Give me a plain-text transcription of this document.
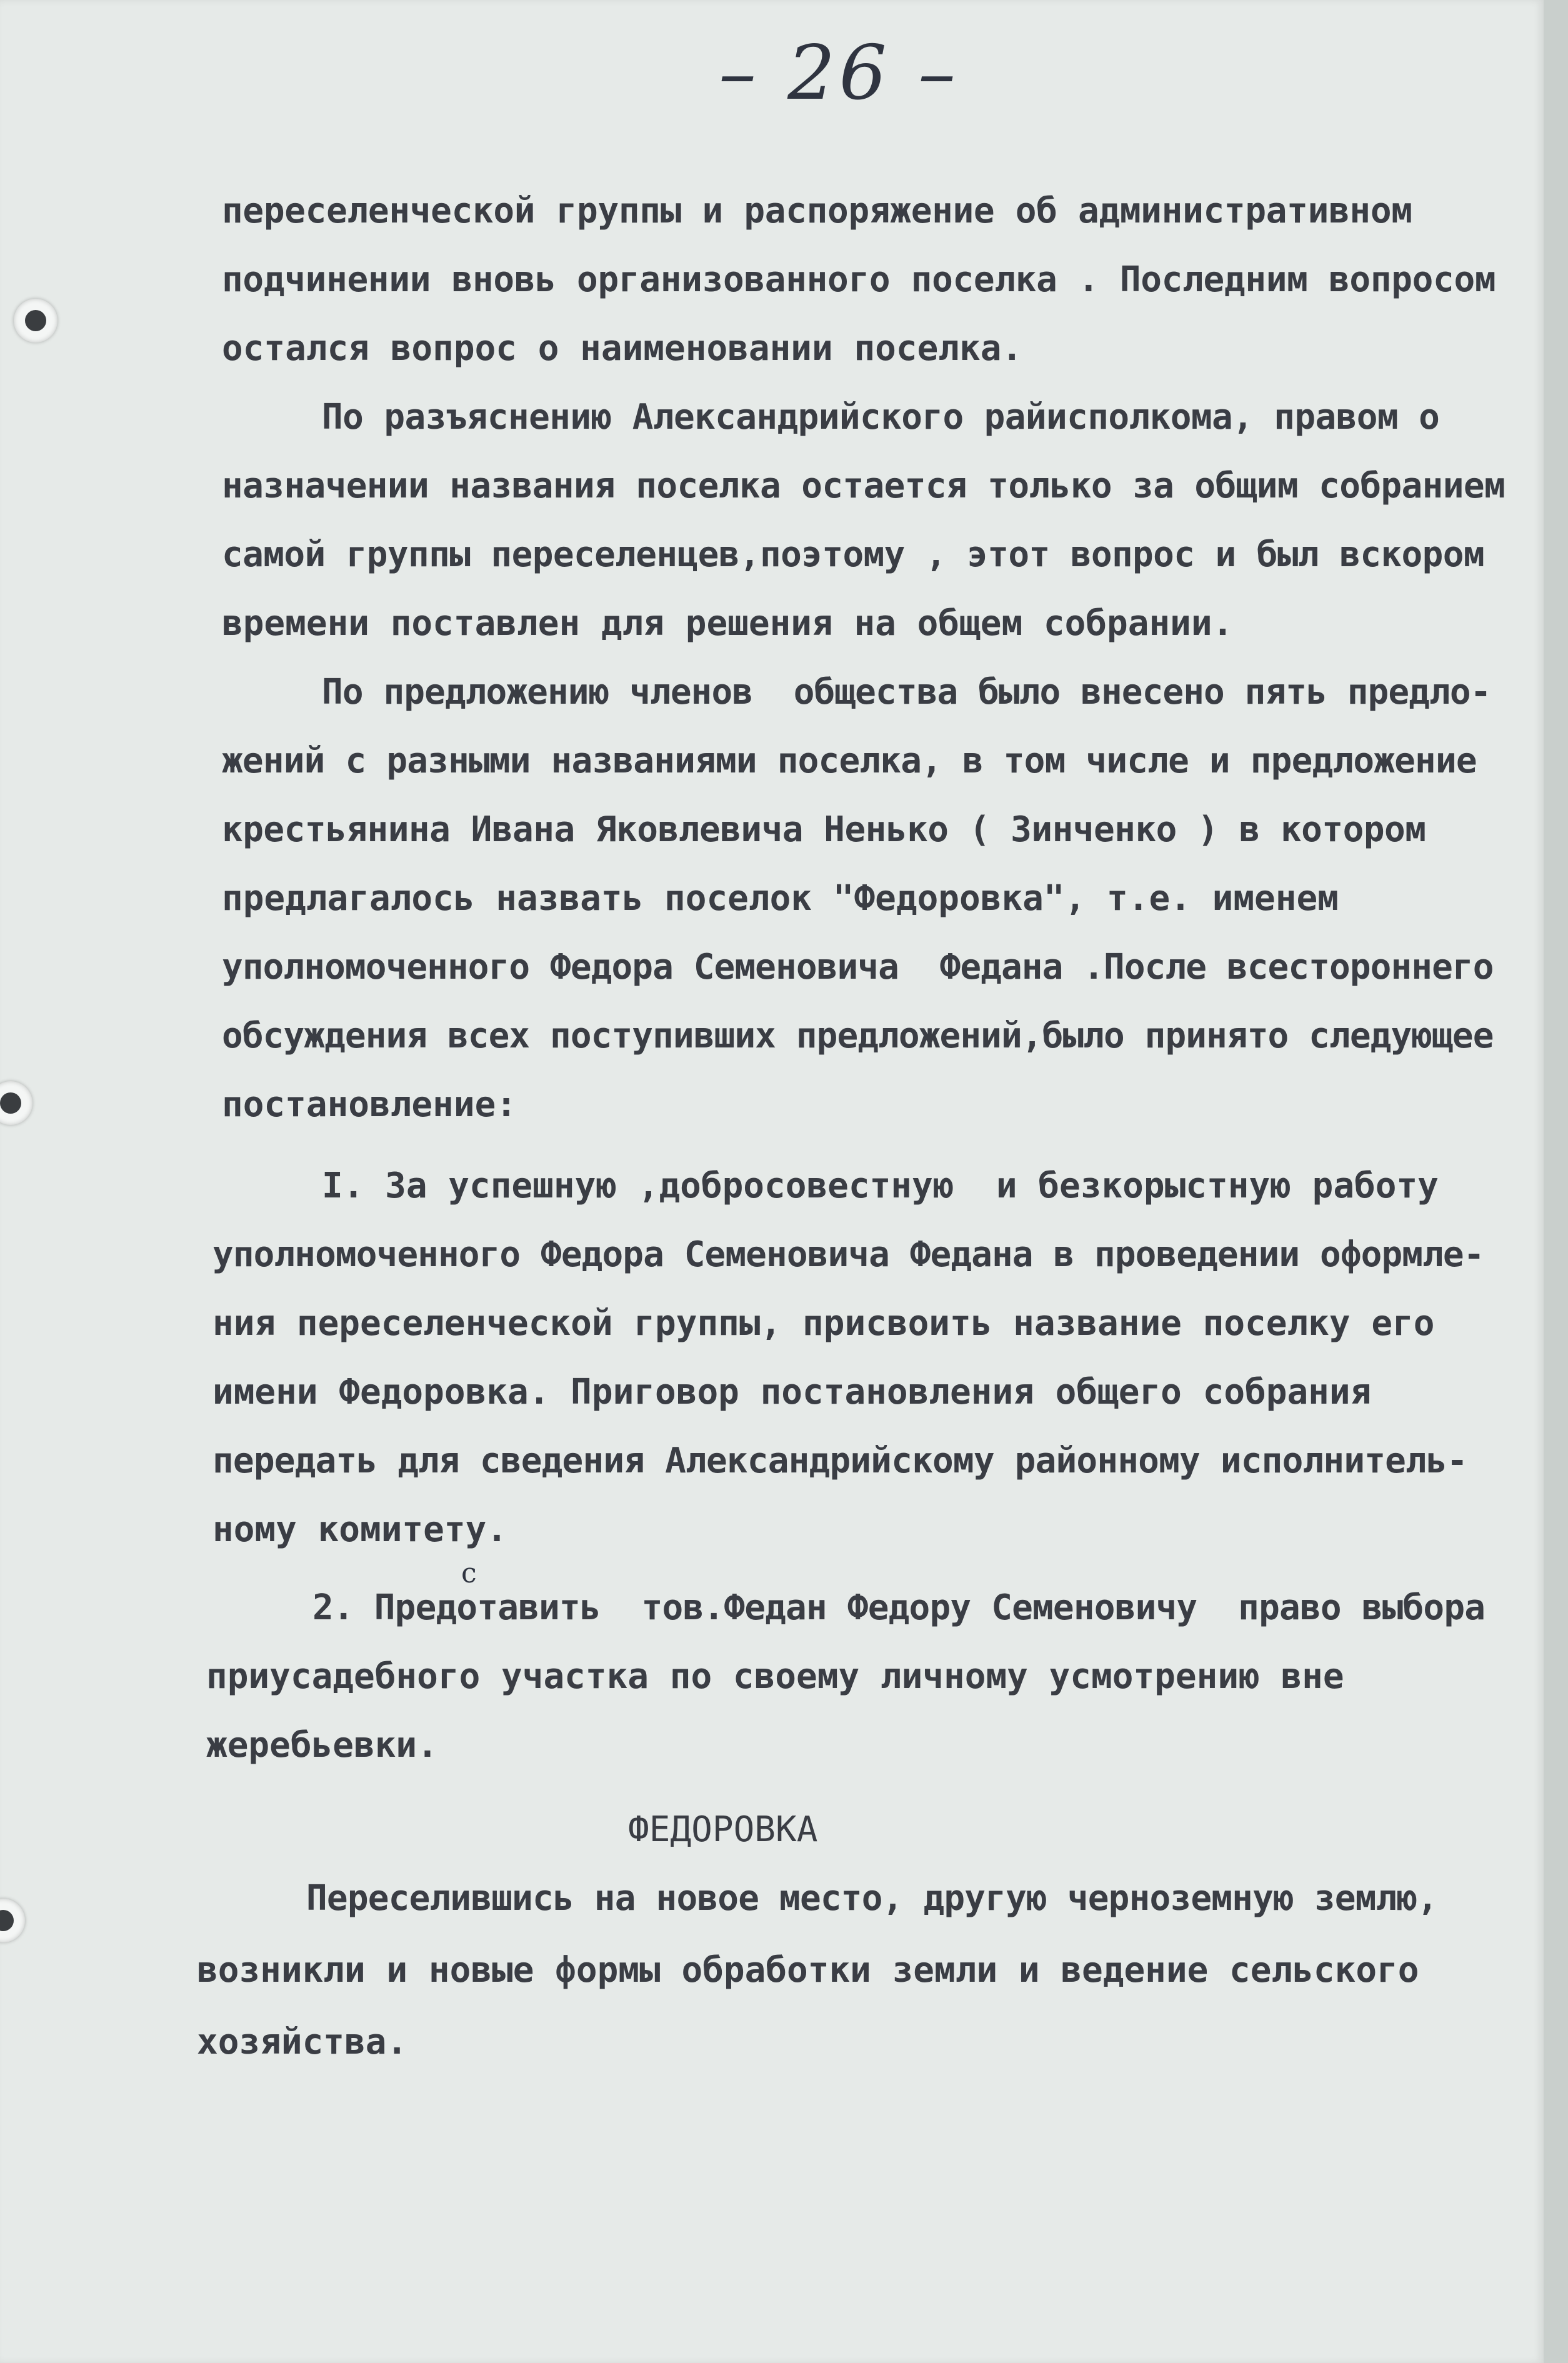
– 26 –
переселенческой группы и распоряжение об административном
подчинении вновь организованного поселка . Последним вопросом
остался вопрос о наименовании поселка.
По разъяснению Александрийского райисполкома, правом о
назначении названия поселка остается только за общим собранием
самой группы переселенцев,поэтому , этот вопрос и был вскором
времени поставлен для решения на общем собрании.
По предложению членов  общества было внесено пять предло-
жений с разными названиями поселка, в том числе и предложение
крестьянина Ивана Яковлевича Ненько ( Зинченко ) в котором
предлагалось назвать поселок "Федоровка", т.е. именем
уполномоченного Федора Семеновича  Федана .После всестороннего
обсуждения всех поступивших предложений,было принято следующее
постановление:
I. За успешную ,добросовестную  и безкорыстную работу
уполномоченного Федора Семеновича Федана в проведении оформле-
ния переселенческой группы, присвоить название поселку его
имени Федоровка. Приговор постановления общего собрания
передать для сведения Александрийскому районному исполнитель-
ному комитету.
с
2. Предотавить  тов.Федан Федору Семеновичу  право выбора
приусадебного участка по своему личному усмотрению вне
жеребьевки.
ФЕДОРОВКА
Переселившись на новое место, другую черноземную землю,
возникли и новые формы обработки земли и ведение сельского
хозяйства.
